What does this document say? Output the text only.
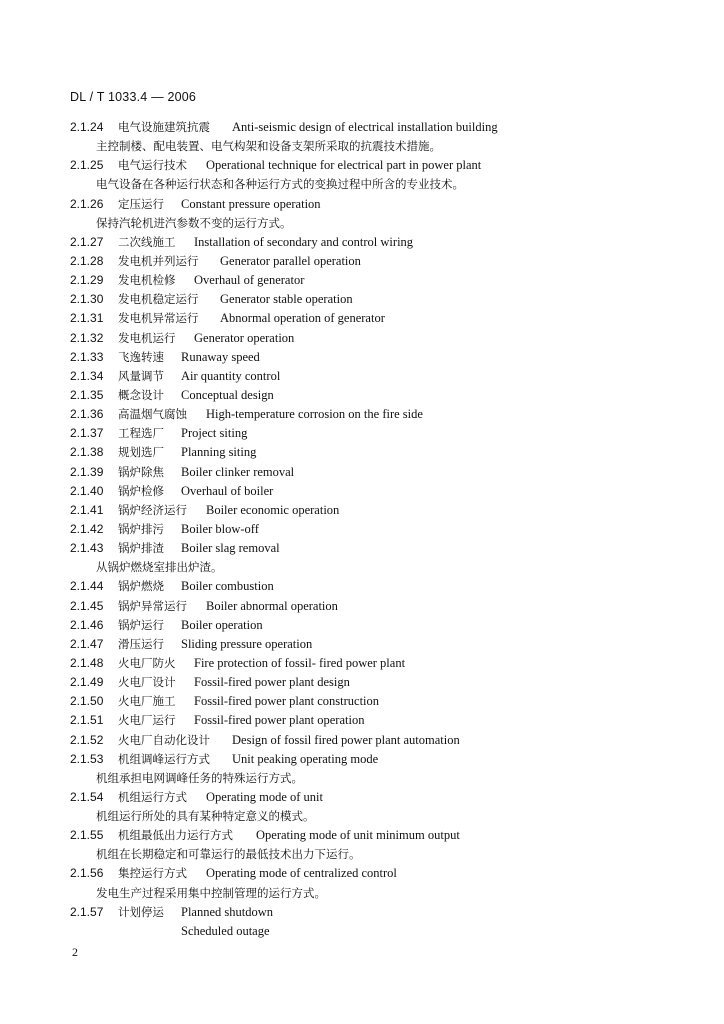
DL / T 1033.4 — 2006
2.1.24 电气设施建筑抗震 Anti-seismic design of electrical installation building
主控制楼、配电装置、电气构架和设备支架所采取的抗震技术措施。
2.1.25 电气运行技术 Operational technique for electrical part in power plant
电气设备在各种运行状态和各种运行方式的变换过程中所含的专业技术。
2.1.26 定压运行 Constant pressure operation
保持汽轮机进汽参数不变的运行方式。
2.1.27 二次线施工 Installation of secondary and control wiring
2.1.28 发电机并列运行 Generator parallel operation
2.1.29 发电机检修 Overhaul of generator
2.1.30 发电机稳定运行 Generator stable operation
2.1.31 发电机异常运行 Abnormal operation of generator
2.1.32 发电机运行 Generator operation
2.1.33 飞逸转速 Runaway speed
2.1.34 风量调节 Air quantity control
2.1.35 概念设计 Conceptual design
2.1.36 高温烟气腐蚀 High-temperature corrosion on the fire side
2.1.37 工程选厂 Project siting
2.1.38 规划选厂 Planning siting
2.1.39 锅炉除焦 Boiler clinker removal
2.1.40 锅炉检修 Overhaul of boiler
2.1.41 锅炉经济运行 Boiler economic operation
2.1.42 锅炉排污 Boiler blow-off
2.1.43 锅炉排渣 Boiler slag removal
从锅炉燃烧室排出炉渣。
2.1.44 锅炉燃烧 Boiler combustion
2.1.45 锅炉异常运行 Boiler abnormal operation
2.1.46 锅炉运行 Boiler operation
2.1.47 滑压运行 Sliding pressure operation
2.1.48 火电厂防火 Fire protection of fossil- fired power plant
2.1.49 火电厂设计 Fossil-fired power plant design
2.1.50 火电厂施工 Fossil-fired power plant construction
2.1.51 火电厂运行 Fossil-fired power plant operation
2.1.52 火电厂自动化设计 Design of fossil fired power plant automation
2.1.53 机组调峰运行方式 Unit peaking operating mode
机组承担电网调峰任务的特殊运行方式。
2.1.54 机组运行方式 Operating mode of unit
机组运行所处的具有某种特定意义的模式。
2.1.55 机组最低出力运行方式 Operating mode of unit minimum output
机组在长期稳定和可靠运行的最低技术出力下运行。
2.1.56 集控运行方式 Operating mode of centralized control
发电生产过程采用集中控制管理的运行方式。
2.1.57 计划停运 Planned shutdown
Scheduled outage
2
